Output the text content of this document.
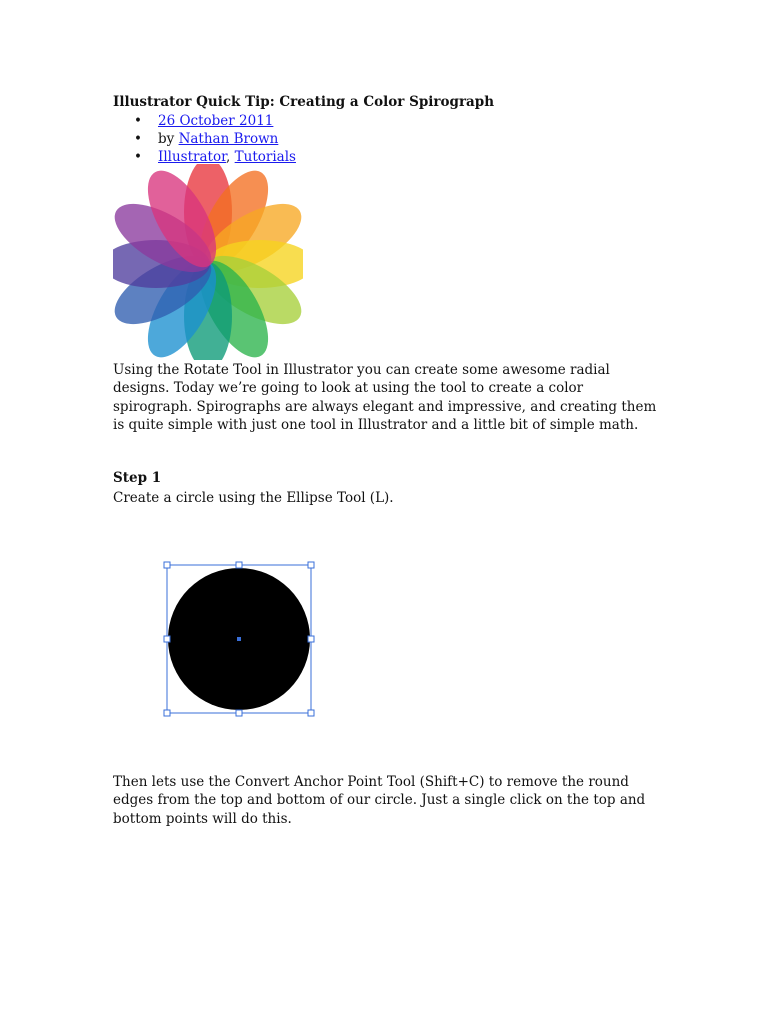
Illustrator Quick Tip: Creating a Color Spirograph
• 26 October 2011
• by Nathan Brown
• Illustrator, Tutorials

Using the Rotate Tool in Illustrator you can create some awesome radial designs. Today we’re going to look at using the tool to create a color spirograph. Spirographs are always elegant and impressive, and creating them is quite simple with just one tool in Illustrator and a little bit of simple math.

Step 1

Create a circle using the Ellipse Tool (L).

Then lets use the Convert Anchor Point Tool (Shift+C) to remove the round edges from the top and bottom of our circle. Just a single click on the top and bottom points will do this.
